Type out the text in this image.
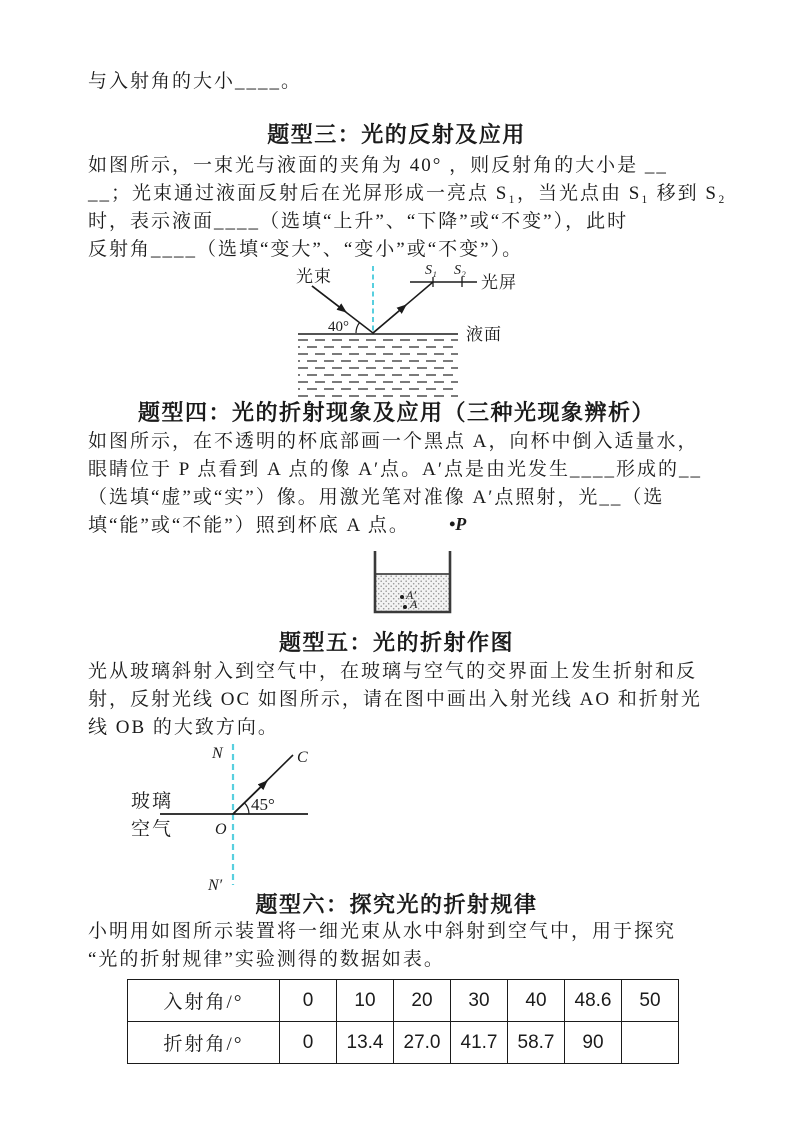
与入射角的大小____。
题型三：光的反射及应用
如图所示，一束光与液面的夹角为 40° ，则反射角的大小是 __
__；光束通过液面反射后在光屏形成一亮点 S₁，当光点由 S₁ 移到 S₂
时，表示液面____（选填“上升”、“下降”或“不变”），此时
反射角____（选填“变大”、“变小”或“不变”）。
40°
S₁ S₂
光屏
光束
液面
题型四：光的折射现象及应用（三种光现象辨析）
如图所示，在不透明的杯底部画一个黑点 A，向杯中倒入适量水，
眼睛位于 P 点看到 A 点的像 A′点。A′点是由光发生____形成的__
（选填“虚”或“实”）像。用激光笔对准像 A′点照射，光__（选
填“能”或“不能”）照到杯底 A 点。	•P
A′
A
题型五：光的折射作图
光从玻璃斜射入到空气中，在玻璃与空气的交界面上发生折射和反
射，反射光线 OC 如图所示，请在图中画出入射光线 AO 和折射光
线 OB 的大致方向。
45°
N
N′
O
C
玻璃
空气
题型六：探究光的折射规律
小明用如图所示装置将一细光束从水中斜射到空气中，用于探究
“光的折射规律”实验测得的数据如表。
入射角/°	0	10	20	30	40	48.6	50
折射角/°	0	13.4	27.0	41.7	58.7	90	
